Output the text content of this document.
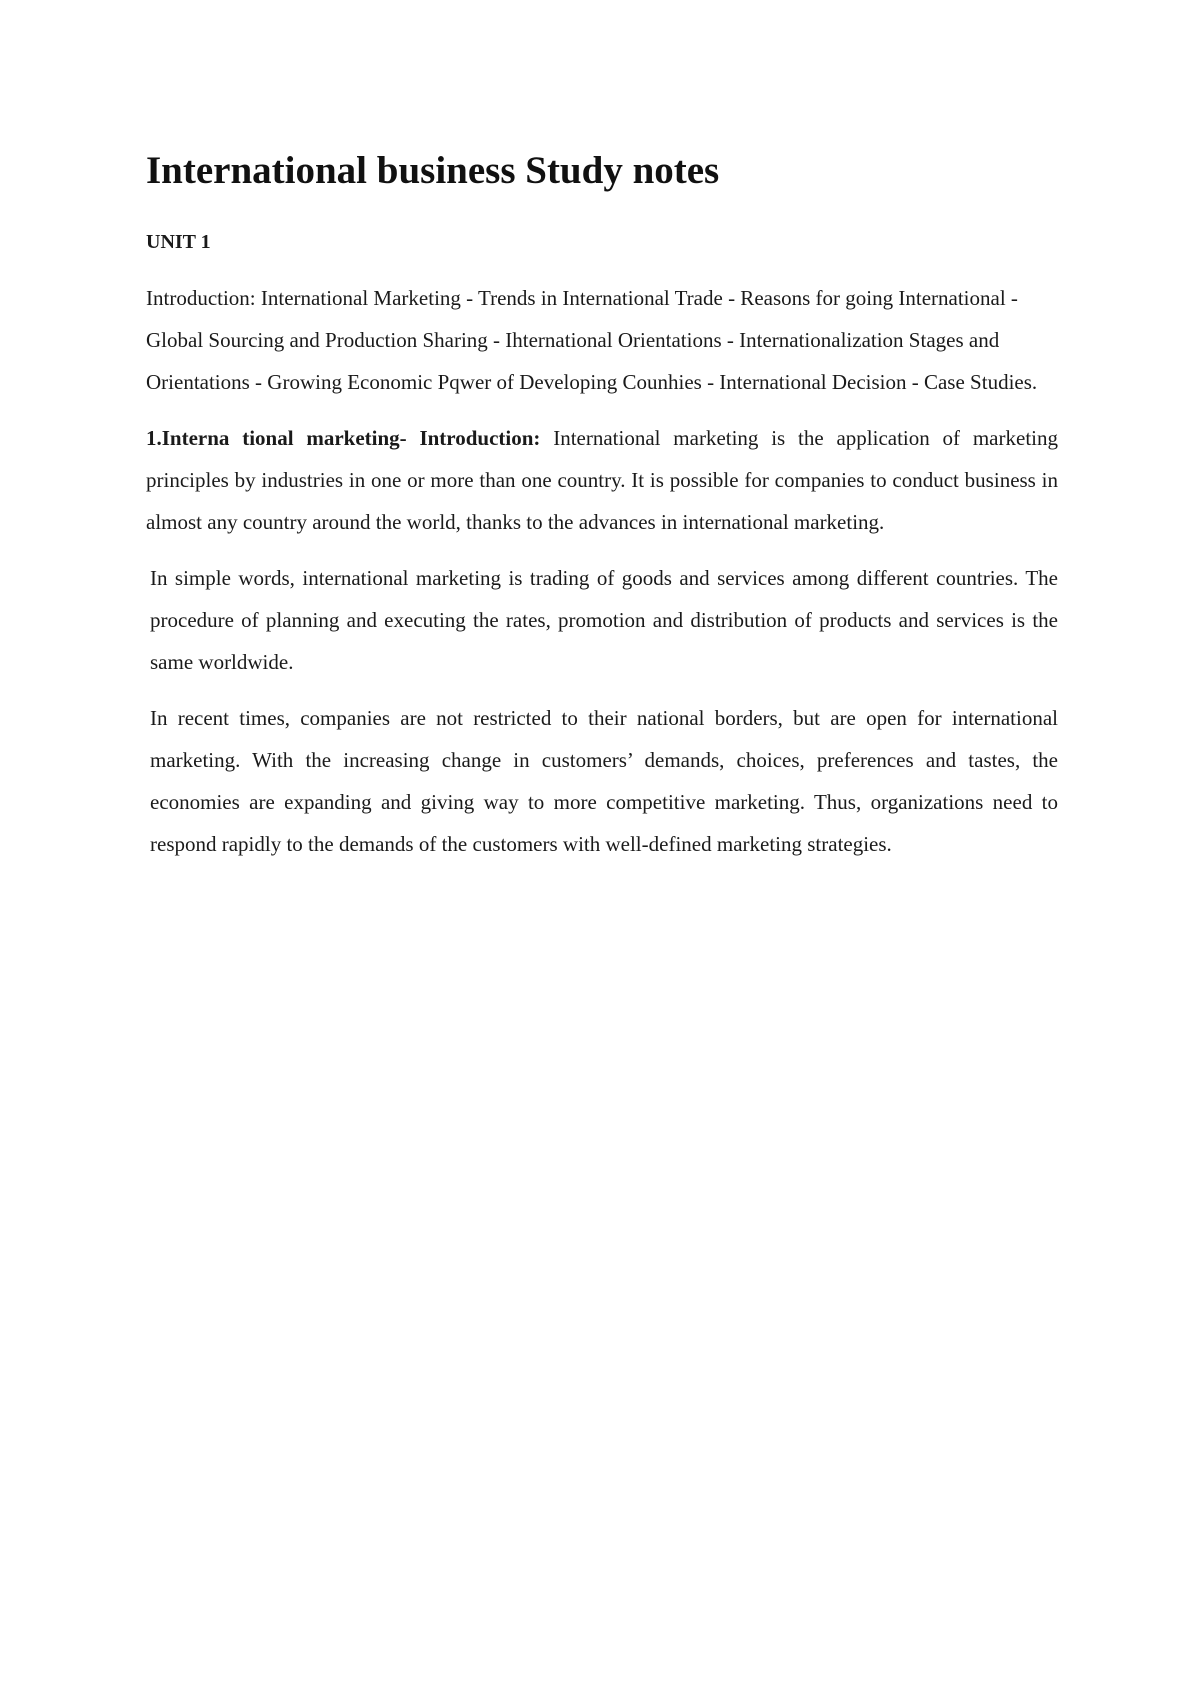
International business Study notes
UNIT 1

Introduction: International Marketing - Trends in International Trade - Reasons for going International - Global Sourcing and Production Sharing - Ihternational Orientations - Internationalization Stages and Orientations - Growing Economic Pqwer of Developing Counhies - International Decision - Case Studies.

1.Interna tional marketing- Introduction: International marketing is the application of marketing principles by industries in one or more than one country. It is possible for companies to conduct business in almost any country around the world, thanks to the advances in international marketing.

In simple words, international marketing is trading of goods and services among different countries. The procedure of planning and executing the rates, promotion and distribution of products and services is the same worldwide.

In recent times, companies are not restricted to their national borders, but are open for international marketing. With the increasing change in customers’ demands, choices, preferences and tastes, the economies are expanding and giving way to more competitive marketing. Thus, organizations need to respond rapidly to the demands of the customers with well-defined marketing strategies.
